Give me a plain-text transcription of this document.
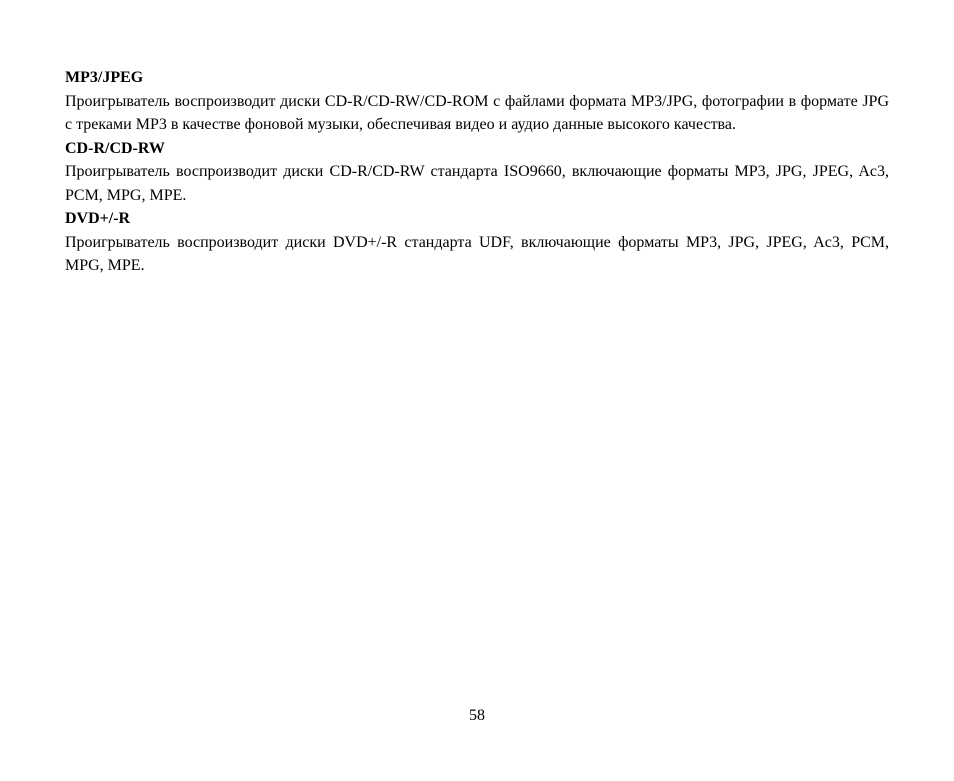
MP3/JPEG

Проигрыватель воспроизводит диски CD-R/CD-RW/CD-ROM с файлами формата MP3/JPG, фотографии в формате JPG с треками MP3 в качестве фоновой музыки, обеспечивая видео и аудио данные высокого качества.

CD-R/CD-RW

Проигрыватель воспроизводит диски CD-R/CD-RW стандарта ISO9660, включающие форматы MP3, JPG, JPEG, Ac3, PCM, MPG, MPE.

DVD+/-R

Проигрыватель воспроизводит диски DVD+/-R стандарта UDF, включающие форматы MP3, JPG, JPEG, Ac3, PCM, MPG, MPE.

58
